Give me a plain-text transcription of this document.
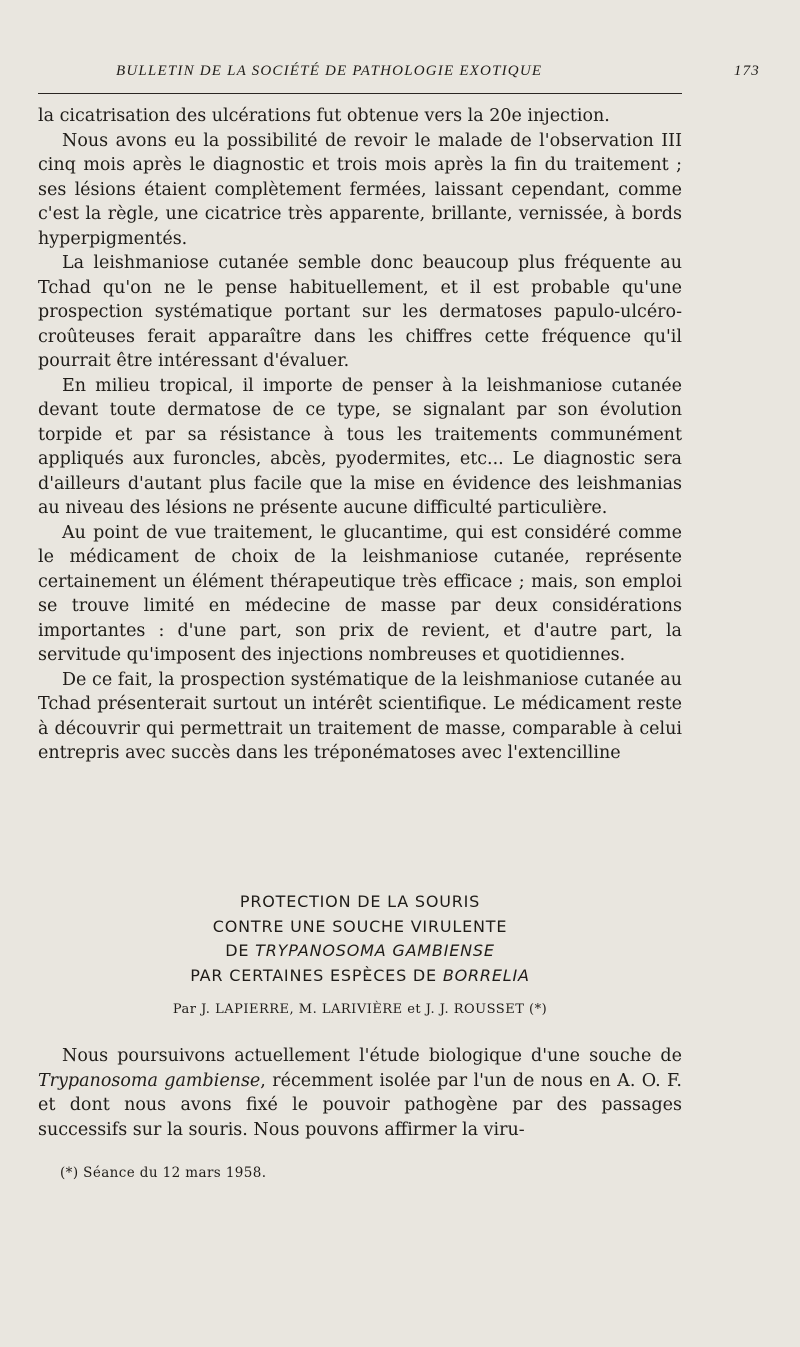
BULLETIN DE LA SOCIÉTÉ DE PATHOLOGIE EXOTIQUE	173

la cicatrisation des ulcérations fut obtenue vers la 20e injection.

Nous avons eu la possibilité de revoir le malade de l'observation III cinq mois après le diagnostic et trois mois après la fin du traitement ; ses lésions étaient complètement fermées, laissant cependant, comme c'est la règle, une cicatrice très apparente, brillante, vernissée, à bords hyperpigmentés.

La leishmaniose cutanée semble donc beaucoup plus fréquente au Tchad qu'on ne le pense habituellement, et il est probable qu'une prospection systématique portant sur les dermatoses papulo-ulcéro-croûteuses ferait apparaître dans les chiffres cette fréquence qu'il pourrait être intéressant d'évaluer.

En milieu tropical, il importe de penser à la leishmaniose cutanée devant toute dermatose de ce type, se signalant par son évolution torpide et par sa résistance à tous les traitements communément appliqués aux furoncles, abcès, pyodermites, etc... Le diagnostic sera d'ailleurs d'autant plus facile que la mise en évidence des leishmanias au niveau des lésions ne présente aucune difficulté particulière.

Au point de vue traitement, le glucantime, qui est considéré comme le médicament de choix de la leishmaniose cutanée, représente certainement un élément thérapeutique très efficace ; mais, son emploi se trouve limité en médecine de masse par deux considérations importantes : d'une part, son prix de revient, et d'autre part, la servitude qu'imposent des injections nombreuses et quotidiennes.

De ce fait, la prospection systématique de la leishmaniose cutanée au Tchad présenterait surtout un intérêt scientifique. Le médicament reste à découvrir qui permettrait un traitement de masse, comparable à celui entrepris avec succès dans les tréponématoses avec l'extencilline

PROTECTION DE LA SOURIS
CONTRE UNE SOUCHE VIRULENTE
DE TRYPANOSOMA GAMBIENSE
PAR CERTAINES ESPÈCES DE BORRELIA
Par J. LAPIERRE, M. LARIVIÈRE et J. J. ROUSSET (*)

Nous poursuivons actuellement l'étude biologique d'une souche de Trypanosoma gambiense, récemment isolée par l'un de nous en A. O. F. et dont nous avons fixé le pouvoir pathogène par des passages successifs sur la souris. Nous pouvons affirmer la viru-

(*) Séance du 12 mars 1958.
